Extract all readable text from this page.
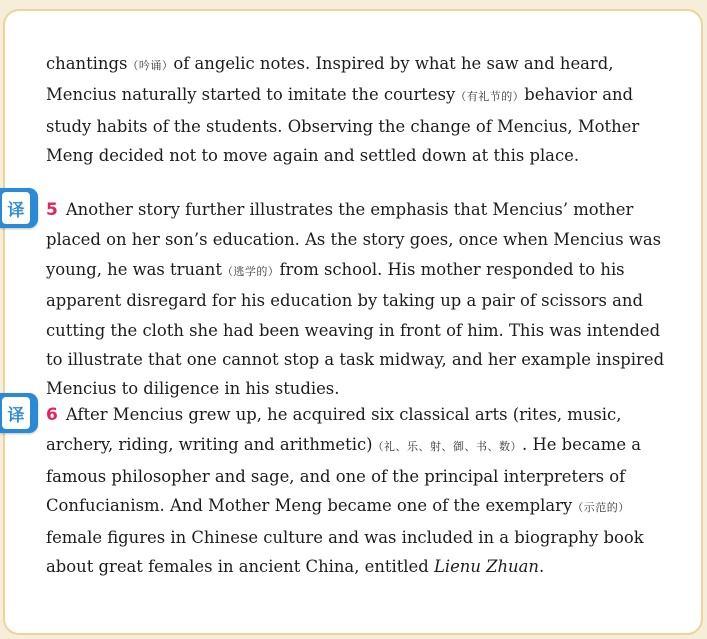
chantings（吟诵）of angelic notes. Inspired by what he saw and heard, Mencius naturally started to imitate the courtesy（有礼节的）behavior and study habits of the students. Observing the change of Mencius, Mother Meng decided not to move again and settled down at this place.

译	5 Another story further illustrates the emphasis that Mencius’ mother placed on her son’s education. As the story goes, once when Mencius was young, he was truant（逃学的）from school. His mother responded to his apparent disregard for his education by taking up a pair of scissors and cutting the cloth she had been weaving in front of him. This was intended to illustrate that one cannot stop a task midway, and her example inspired Mencius to diligence in his studies.

译	6 After Mencius grew up, he acquired six classical arts (rites, music, archery, riding, writing and arithmetic)（礼、乐、射、御、书、数）. He became a famous philosopher and sage, and one of the principal interpreters of Confucianism. And Mother Meng became one of the exemplary（示范的）female figures in Chinese culture and was included in a biography book about great females in ancient China, entitled Lienu Zhuan.
